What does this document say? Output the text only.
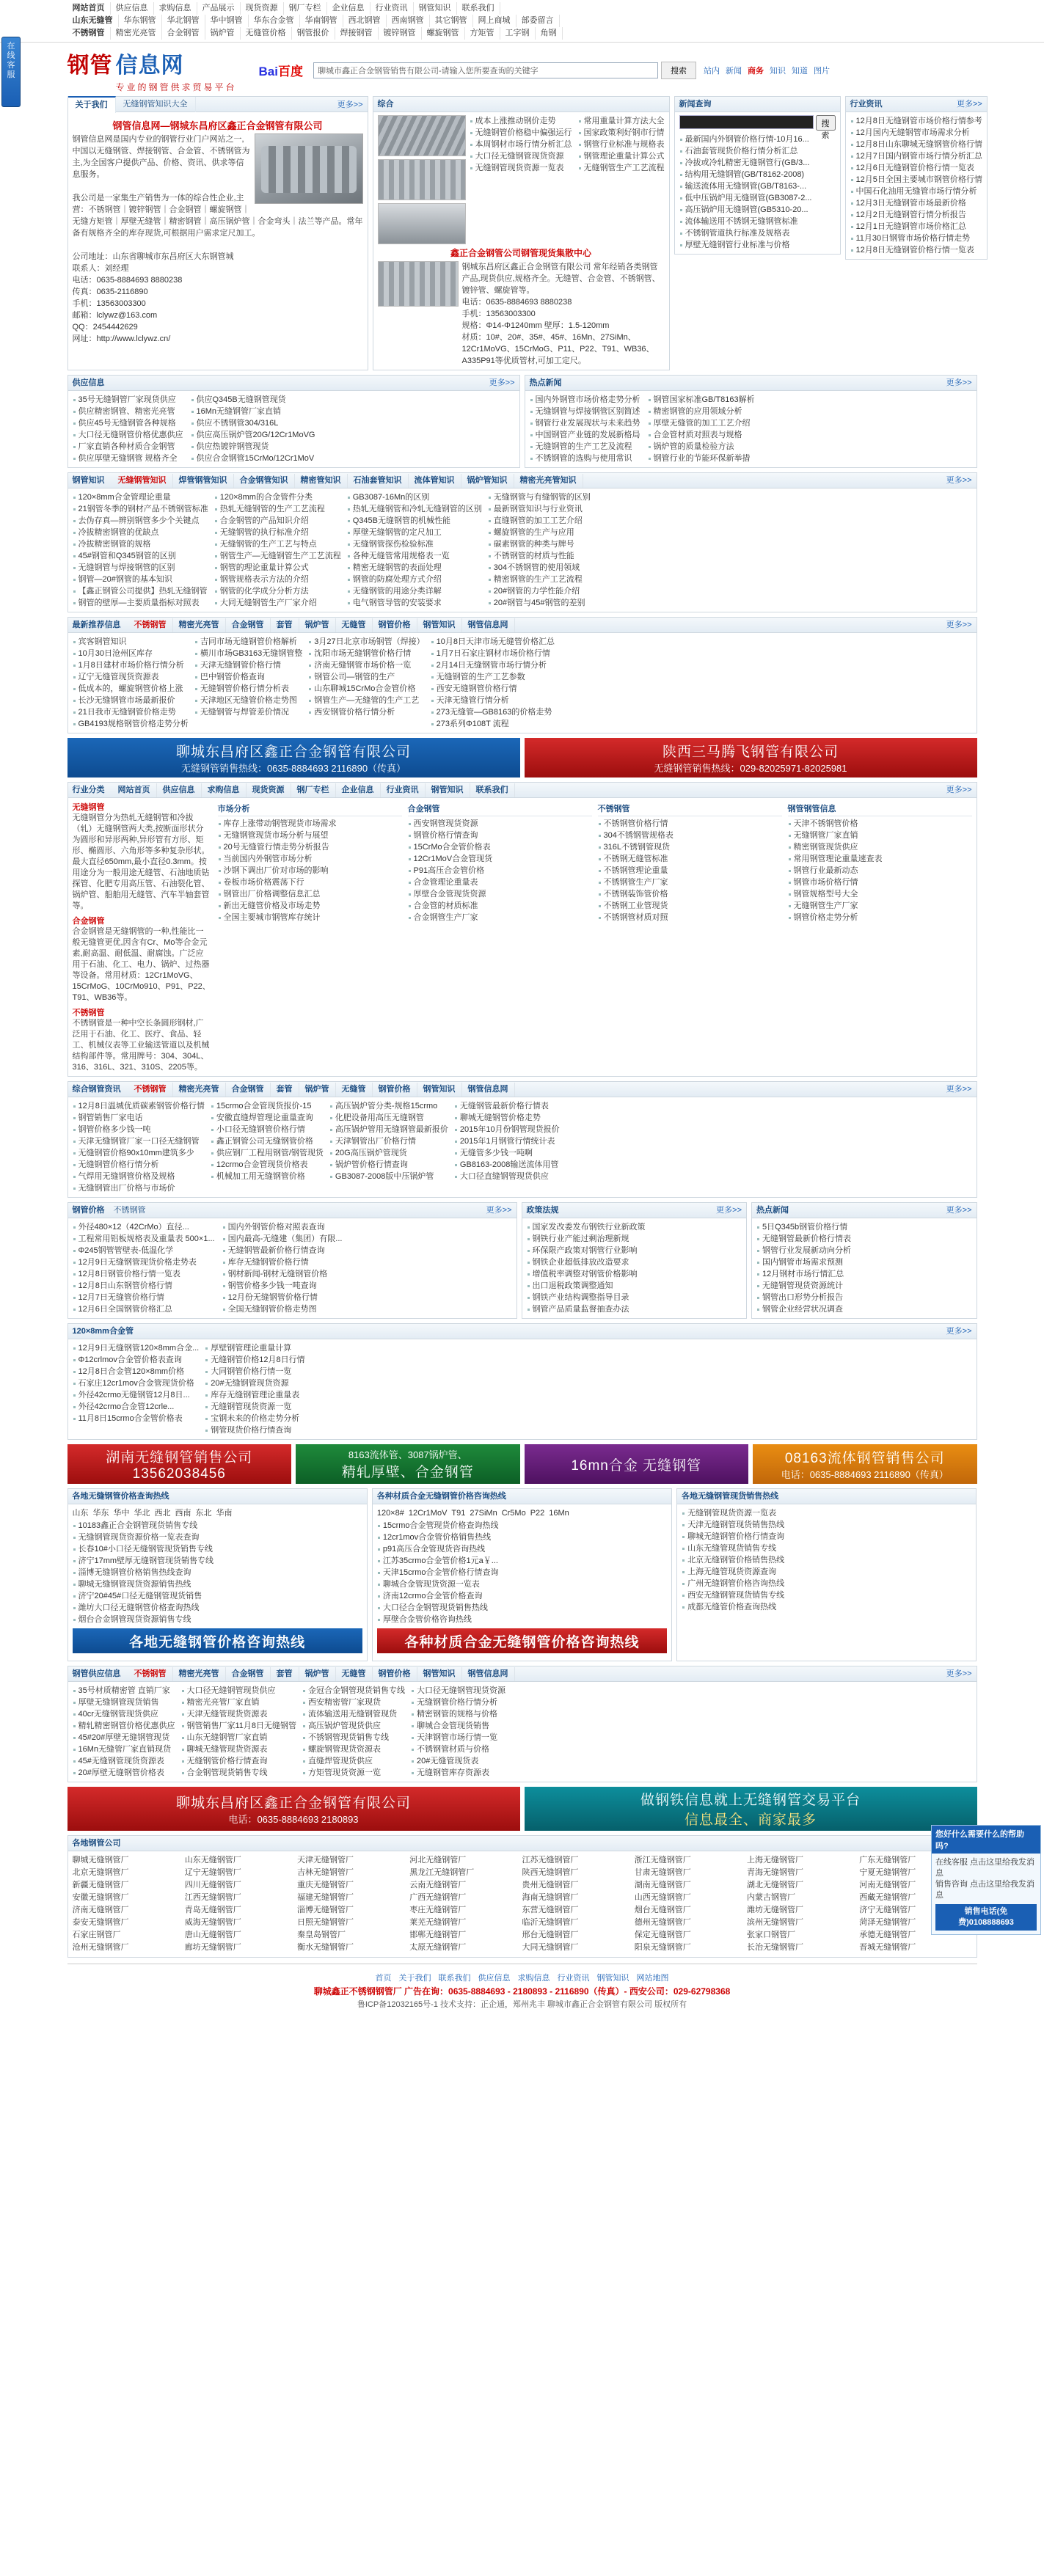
网站首页	供应信息	求购信息	产品展示	现货资源	钢厂专栏	企业信息	行业资讯	钢管知识	联系我们
山东无缝管	华东钢管	华北钢管	华中钢管	华东合金管	华南钢管	西北钢管	西南钢管	其它钢管	网上商城	部委留言
不锈钢管	精密光亮管	合金钢管	锅炉管	无缝管价格	钢管报价	焊接钢管	镀锌钢管	螺旋钢管	方矩管	工字钢	角钢
钢管 信息网
专业的钢管供求贸易平台
Bai百度
聊城市鑫正合金钢管销售有限公司-请输入您所要查询的关键字	搜索	站内 新闻 商务 知识 知道 图片
关于我们	无缝钢管知识大全	更多>>
钢管信息网—钢城东昌府区鑫正合金钢管有限公司
钢管信息网是国内专业的钢管行业门户网站之一,中国以无缝钢管、焊接钢管、合金管、不锈钢管为主,为全国客户提供产品、价格、资讯、供求等信息服务。

我公司是一家集生产销售为一体的综合性企业,主营：不锈钢管｜镀锌钢管｜合金钢管｜螺旋钢管｜无缝方矩管｜厚壁无缝管｜精密钢管｜高压锅炉管｜合金弯头｜法兰等产品。常年备有规格齐全的库存现货,可根据用户需求定尺加工。

公司地址：山东省聊城市东昌府区大东钢管城
联系人：刘经理
电话：0635-8884693 8880238
传真：0635-2116890
手机：13563003300
邮箱：lclywz@163.com
QQ：2454442629
网址：http://www.lclywz.cn/
综合
成本上涨推动钢价走势
无缝钢管价格稳中偏强运行
本周钢材市场行情分析汇总
大口径无缝钢管现货资源
无缝钢管现货资源一览表
常用重量计算方法大全
国家政策利好钢市行情
钢管行业标准与规格表
钢管理论重量计算公式
无缝钢管生产工艺流程
鑫正合金钢管公司钢管现货集散中心
钢城东昌府区鑫正合金钢管有限公司 常年经销各类钢管产品,现货供应,规格齐全。无缝管、合金管、不锈钢管、镀锌管、螺旋管等。
电话：0635-8884693 8880238
手机：13563003300
规格：Φ14-Φ1240mm 壁厚：1.5-120mm
材质：10#、20#、35#、45#、16Mn、27SiMn、12Cr1MoVG、15CrMoG、P11、P22、T91、WB36、A335P91等优质管材,可加工定尺。
新闻查询
搜索
最新国内外钢管价格行情-10月16...
石油套管现货价格行情分析汇总
冷拔或冷轧精密无缝钢管行(GB/3...
结构用无缝钢管(GB/T8162-2008)
输送流体用无缝钢管(GB/T8163-...
低中压锅炉用无缝钢管(GB3087-2...
高压锅炉用无缝钢管(GB5310-20...
流体输送用不锈钢无缝钢管标准
不锈钢管道执行标准及规格表
厚壁无缝钢管行业标准与价格
行业资讯	更多>>
12月8日无缝钢管市场价格行情参考
12月国内无缝钢管市场需求分析
12月8日山东聊城无缝钢管价格行情
12月7日国内钢管市场行情分析汇总
12月6日无缝钢管价格行情一览表
12月5日全国主要城市钢管价格行情
中国石化油用无缝管市场行情分析
12月3日无缝钢管市场最新价格
12月2日无缝钢管行情分析报告
12月1日无缝钢管市场价格汇总
11月30日钢管市场价格行情走势
12月8日无缝钢管价格行情一览表
供应信息	更多>>
35号无缝钢管厂家现货供应
供应精密钢管、精密光亮管
供应45号无缝钢管各种规格
大口径无缝钢管价格优惠供应
厂家直销各种材质合金钢管
供应厚壁无缝钢管 规格齐全
供应Q345B无缝钢管现货
16Mn无缝钢管厂家直销
供应不锈钢管304/316L
供应高压锅炉管20G/12Cr1MoVG
供应热镀锌钢管现货
供应合金钢管15CrMo/12Cr1MoV
热点新闻	更多>>
国内外钢管市场价格走势分析
无缝钢管与焊接钢管区别简述
钢管行业发展现状与未来趋势
中国钢管产业链的发展新格局
无缝钢管的生产工艺及流程
不锈钢管的选购与使用常识
钢管国家标准GB/T8163解析
精密钢管的应用领域分析
厚壁无缝管的加工工艺介绍
合金管材质对照表与规格
锅炉管的质量检验方法
钢管行业的节能环保新举措
钢管知识	无缝钢管知识	焊管钢管知识	合金钢管知识	精密管知识	石油套管知识	流体管知识	锅炉管知识	精密光亮管知识	更多>>
120×8mm合金管理论重量
21钢管冬季的钢材产品不锈钢管标准
去伪存真—辨别钢管多少个关键点
冷拔精密钢管的优缺点
冷拔精密钢管的规格
45#钢管和Q345钢管的区别
无缝钢管与焊接钢管的区别
钢管—20#钢管的基本知识
【鑫正钢管公司提供】热轧无缝钢管
钢管的壁厚—主要质量指标对照表
120×8mm的合金管件分类
热轧无缝钢管的生产工艺流程
合金钢管的产品知识介绍
无缝钢管的执行标准介绍
无缝钢管的生产工艺与特点
钢管生产—无缝钢管生产工艺流程
钢管的理论重量计算公式
钢管规格表示方法的介绍
钢管的化学成分分析方法
大同无缝钢管生产厂家介绍
GB3087-16Mn的区别
热轧无缝钢管和冷轧无缝钢管的区别
Q345B无缝钢管的机械性能
厚壁无缝钢管的定尺加工
无缝钢管探伤检验标准
各种无缝管常用规格表一览
精密无缝钢管的表面处理
钢管的防腐处理方式介绍
无缝钢管的用途分类详解
电气钢管导管的安装要求
无缝钢管与有缝钢管的区别
最新钢管知识与行业资讯
直缝钢管的加工工艺介绍
螺旋钢管的生产与应用
碳素钢管的种类与牌号
不锈钢管的材质与性能
304不锈钢管的使用领域
精密钢管的生产工艺流程
20#钢管的力学性能介绍
20#钢管与45#钢管的差别
最新推荐信息	不锈钢管	精密光亮管	合金钢管	套管	锅炉管	无缝管	钢管价格	钢管知识	钢管信息网	更多>>
宾客钢管知识
10月30日沧州区库存
1月8日建材市场价格行情分析
辽宁无缝管现货资源表
低成本的，螺旋钢管价格上涨
长沙无缝钢管市场最新报价
21日我市无缝钢管价格走势
GB4193规格钢管价格走势分析
吉同市场无缝钢管价格解析
横川市场GB3163无缝钢管整
天津无缝钢管价格行情
巴中钢管价格查询
无缝钢管价格行情分析表
天津地区无缝管价格走势图
无缝钢管与焊管差价情况
3月27日北京市场钢管（焊接）
沈阳市场无缝钢管价格行情
济南无缝钢管市场价格一览
钢管公司—钢管的生产
山东聊城15CrMo合金管价格
钢管生产—无缝管的生产工艺
西安钢管价格行情分析
10月8日天津市场无缝管价格汇总
1月7日石家庄钢材市场价格行情
2月14日无缝钢管市场行情分析
无缝钢管的生产工艺参数
西安无缝钢管价格行情
天津无缝管行情分析
273无缝管—GB8163的价格走势
273系列Φ108T 流程
聊城东昌府区鑫正合金钢管有限公司
无缝钢管销售热线：0635-8884693 2116890（传真）
陕西三马腾飞钢管有限公司
无缝钢管销售热线：029-82025971-82025981
行业分类	网站首页	供应信息	求购信息	现货资源	钢厂专栏	企业信息	行业资讯	钢管知识	联系我们	更多>>
无缝钢管
无缝钢管分为热轧无缝钢管和冷拔（轧）无缝钢管两大类,按断面形状分为圆形和异形两种,异形管有方形、矩形、椭圆形、六角形等多种复杂形状。最大直径650mm,最小直径0.3mm。按用途分为一般用途无缝管、石油地质钻探管、化肥专用高压管、石油裂化管、锅炉管、船舶用无缝管、汽车半轴套管等。
合金钢管
合金钢管是无缝钢管的一种,性能比一般无缝管更优,因含有Cr、Mo等合金元素,耐高温、耐低温、耐腐蚀。广泛应用于石油、化工、电力、锅炉、过热器等设备。常用材质：12Cr1MoVG、15CrMoG、10CrMo910、P91、P22、T91、WB36等。
不锈钢管
不锈钢管是一种中空长条圆形钢材,广泛用于石油、化工、医疗、食品、轻工、机械仪表等工业输送管道以及机械结构部件等。常用牌号：304、304L、316、316L、321、310S、2205等。
市场分析
库存上涨带动钢管现货市场需求
无缝钢管现货市场分析与展望
20号无缝管行情走势分析报告
当前国内外钢管市场分析
沙钢下调出厂价对市场的影响
卷板市场价格震荡下行
钢管出厂价格调整信息汇总
新出无缝管价格及市场走势
全国主要城市钢管库存统计
合金钢管
西安钢管现货资源
钢管价格行情查询
15CrMo合金管价格表
12Cr1MoV合金管现货
P91高压合金管价格
合金管理论重量表
厚壁合金管现货资源
合金管的材质标准
合金钢管生产厂家
不锈钢管
不锈钢管价格行情
304不锈钢管规格表
316L不锈钢管现货
不锈钢无缝管标准
不锈钢管理论重量
不锈钢管生产厂家
不锈钢装饰管价格
不锈钢工业管现货
不锈钢管材质对照
钢管钢管信息
天津不锈钢管价格
无缝钢管厂家直销
精密钢管现货供应
常用钢管理论重量速查表
钢管行业最新动态
钢管市场价格行情
钢管规格型号大全
无缝钢管生产厂家
钢管价格走势分析
综合钢管资讯	不锈钢管	精密光亮管	合金钢管	套管	锅炉管	无缝管	钢管价格	钢管知识	钢管信息网	更多>>
12月8日温城优质碳素钢管价格行情
钢管销售厂家电话
钢管价格多少钱一吨
天津无缝钢管厂家一口径无缝钢管
无缝钢管价格90x10mm建筑多少
无缝钢管价格行情分析
气焊用无缝钢管价格及规格
无缝钢管出厂价格与市场价
15crmo合金管现货报价-15
安徽直缝焊管理论重量查询
小口径无缝钢管价格行情
鑫正钢管公司无缝钢管价格
供应钢厂工程用钢管/钢管现货
12crmo合金管现货价格表
机械加工用无缝钢管价格
高压锅炉管分类-规格15crmo
化肥设备用高压无缝钢管
高压锅炉管用无缝钢管最新报价
天津钢管出厂价格行情
20G高压锅炉管现货
锅炉管价格行情查询
GB3087-2008版中压锅炉管
无缝钢管最新价格行情表
聊城无缝钢管价格走势
2015年10月份钢管现货报价
2015年1月钢管行情统计表
无缝管多少钱一吨啊
GB8163-2008输送流体用管
大口径直缝钢管现货供应
钢管价格 不锈钢管	更多>>
外径480×12（42CrMo）直径...
工程常用铝板规格表及重量表 500×1...
Φ245钢管管壁表-低温化学
12月9日无缝钢管现货价格走势表
12月8日钢管价格行情一览表
12月8日山东钢管价格行情
12月7日无缝管价格行情
12月6日全国钢管价格汇总
国内外钢管价格对照表查询
国内最高-无缝建（集团）有限...
无缝钢管最新价格行情查询
库存无缝钢管价格行情
钢材新闻-钢材无缝钢管价格
钢管价格多少钱一吨查询
12月份无缝钢管价格行情
全国无缝钢管价格走势图
政策法规	更多>>
国家发改委发布钢铁行业新政策
钢铁行业产能过剩治理新规
环保限产政策对钢管行业影响
钢铁企业超低排放改造要求
增值税率调整对钢管价格影响
出口退税政策调整通知
钢铁产业结构调整指导目录
钢管产品质量监督抽查办法
热点新闻	更多>>
5日Q345b钢管价格行情
无缝钢管最新价格行情表
钢管行业发展新动向分析
国内钢管市场需求预测
12月钢材市场行情汇总
无缝钢管现货资源统计
钢管出口形势分析报告
钢管企业经营状况调查
120×8mm合金管	更多>>
12月9日无缝钢管120×8mm合金...
Φ12crlmov合金管价格表查询
12月8日合金管120×8mm价格
石家庄12cr1mov合金管现货价格
外径42crmo无缝钢管12月8日...
外径42crmo合金管12crle...
11月8日15crmo合金管价格表
厚壁钢管理论重量计算
无缝钢管价格12月8日行情
大同钢管价格行情一览
20#无缝钢管现货资源
库存无缝钢管理论重量表
无缝钢管现货资源一览
宝钢未来的价格走势分析
钢管现货价格行情查询
湖南无缝钢管销售公司
13562038456
8163流体管、3087锅炉管、
精轧厚壁、合金钢管	16mn合金 无缝钢管	08163流体钢管销售公司
电话：0635-8884693 2116890（传真）
各地无缝钢管价格查询热线
山东 华东 华中 华北 西北 西南 东北 华南
10183鑫正合金钢管现货销售专线
无缝钢管现货资源价格一览表查询
长春10#小口径无缝钢管现货销售专线
济宁17mm壁厚无缝钢管现货销售专线
淄博无缝钢管价格销售热线查询
聊城无缝钢管现货资源销售热线
济宁20#45#口径无缝钢管现货销售
潍坊大口径无缝钢管价格查询热线
烟台合金钢管现货资源销售专线
各地无缝钢管价格咨询热线
各种材质合金无缝钢管价格咨询热线
120×8# 12Cr1MoV T91 27SiMn Cr5Mo P22 16Mn
15crmo合金管现货价格查询热线
12cr1mov合金管价格销售热线
p91高压合金管现货咨询热线
江苏35crmo合金管价格1元a￥...
天津15crmo合金管价格行情查询
聊城合金管现货资源一览表
济南12crmo合金管价格查询
大口径合金钢管现货销售热线
厚壁合金管价格咨询热线
各种材质合金无缝钢管价格咨询热线
各地无缝钢管现货销售热线
无缝钢管现货资源一览表
天津无缝钢管现货销售热线
聊城无缝钢管价格行情查询
山东无缝管现货销售专线
北京无缝钢管价格销售热线
上海无缝管现货资源查询
广州无缝钢管价格咨询热线
西安无缝钢管现货销售专线
成都无缝管价格查询热线
钢管供应信息	不锈钢管	精密光亮管	合金钢管	套管	锅炉管	无缝管	钢管价格	钢管知识	钢管信息网	更多>>
35号材质精密管 直销厂家
厚壁无缝钢管现货销售
40cr无缝钢管现货供应
精轧精密钢管价格优惠供应
45#20#厚壁无缝钢管现货
16Mn无缝管厂家直销现货
45#无缝钢管现货资源表
20#厚壁无缝钢管价格表
大口径无缝钢管现货供应
精密光亮管厂家直销
天津无缝管现货资源表
钢管销售厂家11月8日无缝钢管
山东无缝钢管厂家直销
聊城无缝管现货资源表
无缝钢管价格行情查询
合金钢管现货销售专线
金冠合金钢管现货销售专线
西安精密管厂家现货
流体输送用无缝钢管现货
高压锅炉管现货供应
不锈钢管现货销售专线
螺旋钢管现货资源表
直缝焊管现货供应
方矩管现货资源一览
大口径无缝钢管现货资源
无缝钢管价格行情分析
精密钢管的规格与价格
聊城合金管现货销售
天津钢管市场行情一览
不锈钢管材质与价格
20#无缝管现货表
无缝钢管库存资源表
聊城东昌府区鑫正合金钢管有限公司
电话：0635-8884693 2180893
做钢铁信息就上无缝钢管交易平台
信息最全、商家最多
各地钢管公司
聊城无缝钢管厂	山东无缝钢管厂	天津无缝钢管厂	河北无缝钢管厂	江苏无缝钢管厂	浙江无缝钢管厂	上海无缝钢管厂	广东无缝钢管厂
北京无缝钢管厂	辽宁无缝钢管厂	吉林无缝钢管厂	黑龙江无缝钢管厂	陕西无缝钢管厂	甘肃无缝钢管厂	青海无缝钢管厂	宁夏无缝钢管厂
新疆无缝钢管厂	四川无缝钢管厂	重庆无缝钢管厂	云南无缝钢管厂	贵州无缝钢管厂	湖南无缝钢管厂	湖北无缝钢管厂	河南无缝钢管厂
安徽无缝钢管厂	江西无缝钢管厂	福建无缝钢管厂	广西无缝钢管厂	海南无缝钢管厂	山西无缝钢管厂	内蒙古钢管厂	西藏无缝钢管厂
济南无缝钢管厂	青岛无缝钢管厂	淄博无缝钢管厂	枣庄无缝钢管厂	东营无缝钢管厂	烟台无缝钢管厂	潍坊无缝钢管厂	济宁无缝钢管厂
泰安无缝钢管厂	威海无缝钢管厂	日照无缝钢管厂	莱芜无缝钢管厂	临沂无缝钢管厂	德州无缝钢管厂	滨州无缝钢管厂	菏泽无缝钢管厂
石家庄钢管厂	唐山无缝钢管厂	秦皇岛钢管厂	邯郸无缝钢管厂	邢台无缝钢管厂	保定无缝钢管厂	张家口钢管厂	承德无缝钢管厂
沧州无缝钢管厂	廊坊无缝钢管厂	衡水无缝钢管厂	太原无缝钢管厂	大同无缝钢管厂	阳泉无缝钢管厂	长治无缝钢管厂	晋城无缝钢管厂
首页 关于我们 联系我们 供应信息 求购信息 行业资讯 钢管知识 网站地图
聊城鑫正不锈钢钢管厂 广告在询：0635-8884693 - 2180893 - 2116890（传真）- 西安公司：029-62798368
鲁ICP备12032165号-1 技术支持：正企通，郑州兆丰 聊城市鑫正合金钢管有限公司 版权所有
在线客服
您好什么需要什么的帮助吗?
在线客服 点击这里给我发消息
销售咨询 点击这里给我发消息
销售电话(免费)0108888693
